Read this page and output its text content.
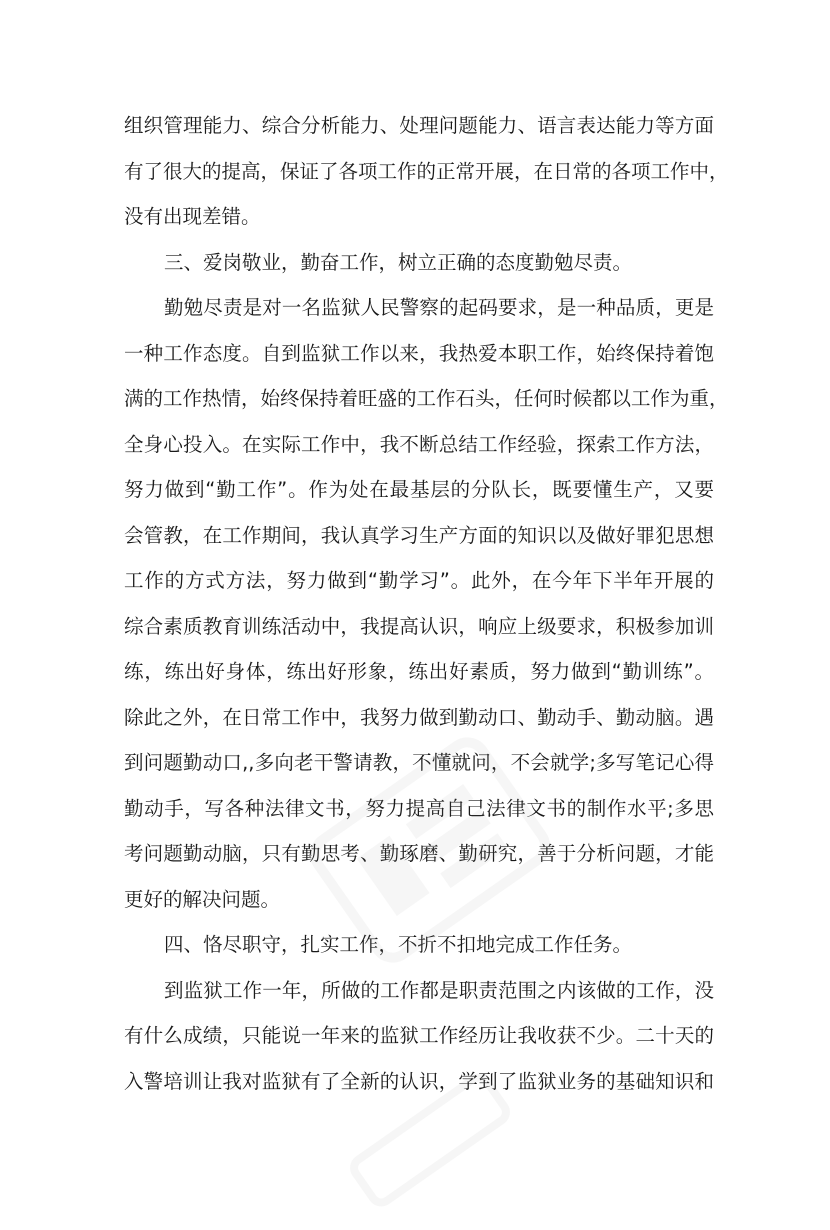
组织管理能力、综合分析能力、处理问题能力、语言表达能力等方面
有了很大的提高，保证了各项工作的正常开展，在日常的各项工作中，
没有出现差错。
三、爱岗敬业，勤奋工作，树立正确的态度勤勉尽责。
勤勉尽责是对一名监狱人民警察的起码要求，是一种品质，更是
一种工作态度。自到监狱工作以来，我热爱本职工作，始终保持着饱
满的工作热情，始终保持着旺盛的工作石头，任何时候都以工作为重，
全身心投入。在实际工作中，我不断总结工作经验，探索工作方法，
努力做到“勤工作”。作为处在最基层的分队长，既要懂生产，又要
会管教，在工作期间，我认真学习生产方面的知识以及做好罪犯思想
工作的方式方法，努力做到“勤学习”。此外，在今年下半年开展的
综合素质教育训练活动中，我提高认识，响应上级要求，积极参加训
练，练出好身体，练出好形象，练出好素质，努力做到“勤训练”。
除此之外，在日常工作中，我努力做到勤动口、勤动手、勤动脑。遇
到问题勤动口,,多向老干警请教，不懂就问，不会就学;多写笔记心得
勤动手，写各种法律文书，努力提高自己法律文书的制作水平;多思
考问题勤动脑，只有勤思考、勤琢磨、勤研究，善于分析问题，才能
更好的解决问题。
四、恪尽职守，扎实工作，不折不扣地完成工作任务。
到监狱工作一年，所做的工作都是职责范围之内该做的工作，没
有什么成绩，只能说一年来的监狱工作经历让我收获不少。二十天的
入警培训让我对监狱有了全新的认识，学到了监狱业务的基础知识和
